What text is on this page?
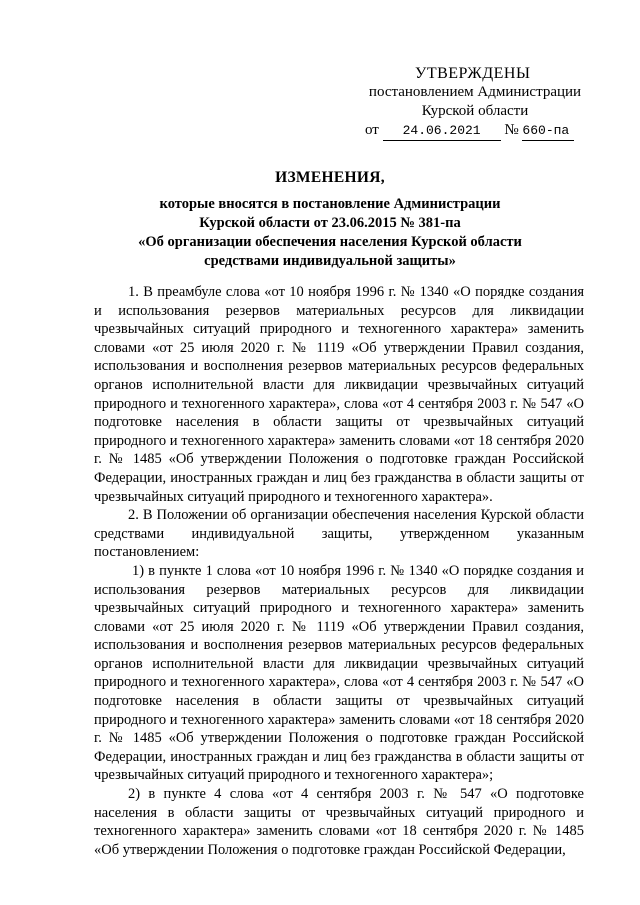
УТВЕРЖДЕНЫ
постановлением Администрации
Курской области
от 24.06.2021 № 660-па
ИЗМЕНЕНИЯ,
которые вносятся в постановление Администрации
Курской области от 23.06.2015 № 381-па
«Об организации обеспечения населения Курской области
средствами индивидуальной защиты»

1. В преамбуле слова «от 10 ноября 1996 г. № 1340 «О порядке создания и использования резервов материальных ресурсов для ликвидации чрезвычайных ситуаций природного и техногенного характера» заменить словами «от 25 июля 2020 г. № 1119 «Об утверждении Правил создания, использования и восполнения резервов материальных ресурсов федеральных органов исполнительной власти для ликвидации чрезвычайных ситуаций природного и техногенного характера», слова «от 4 сентября 2003 г. № 547 «О подготовке населения в области защиты от чрезвычайных ситуаций природного и техногенного характера» заменить словами «от 18 сентября 2020 г. № 1485 «Об утверждении Положения о подготовке граждан Российской Федерации, иностранных граждан и лиц без гражданства в области защиты от чрезвычайных ситуаций природного и техногенного характера».

2. В Положении об организации обеспечения населения Курской области средствами индивидуальной защиты, утвержденном указанным постановлением:

1) в пункте 1 слова «от 10 ноября 1996 г. № 1340 «О порядке создания и использования резервов материальных ресурсов для ликвидации чрезвычайных ситуаций природного и техногенного характера» заменить словами «от 25 июля 2020 г. № 1119 «Об утверждении Правил создания, использования и восполнения резервов материальных ресурсов федеральных органов исполнительной власти для ликвидации чрезвычайных ситуаций природного и техногенного характера», слова «от 4 сентября 2003 г. № 547 «О подготовке населения в области защиты от чрезвычайных ситуаций природного и техногенного характера» заменить словами «от 18 сентября 2020 г. № 1485 «Об утверждении Положения о подготовке граждан Российской Федерации, иностранных граждан и лиц без гражданства в области защиты от чрезвычайных ситуаций природного и техногенного характера»;

2) в пункте 4 слова «от 4 сентября 2003 г. № 547 «О подготовке населения в области защиты от чрезвычайных ситуаций природного и техногенного характера» заменить словами «от 18 сентября 2020 г. № 1485 «Об утверждении Положения о подготовке граждан Российской Федерации,
